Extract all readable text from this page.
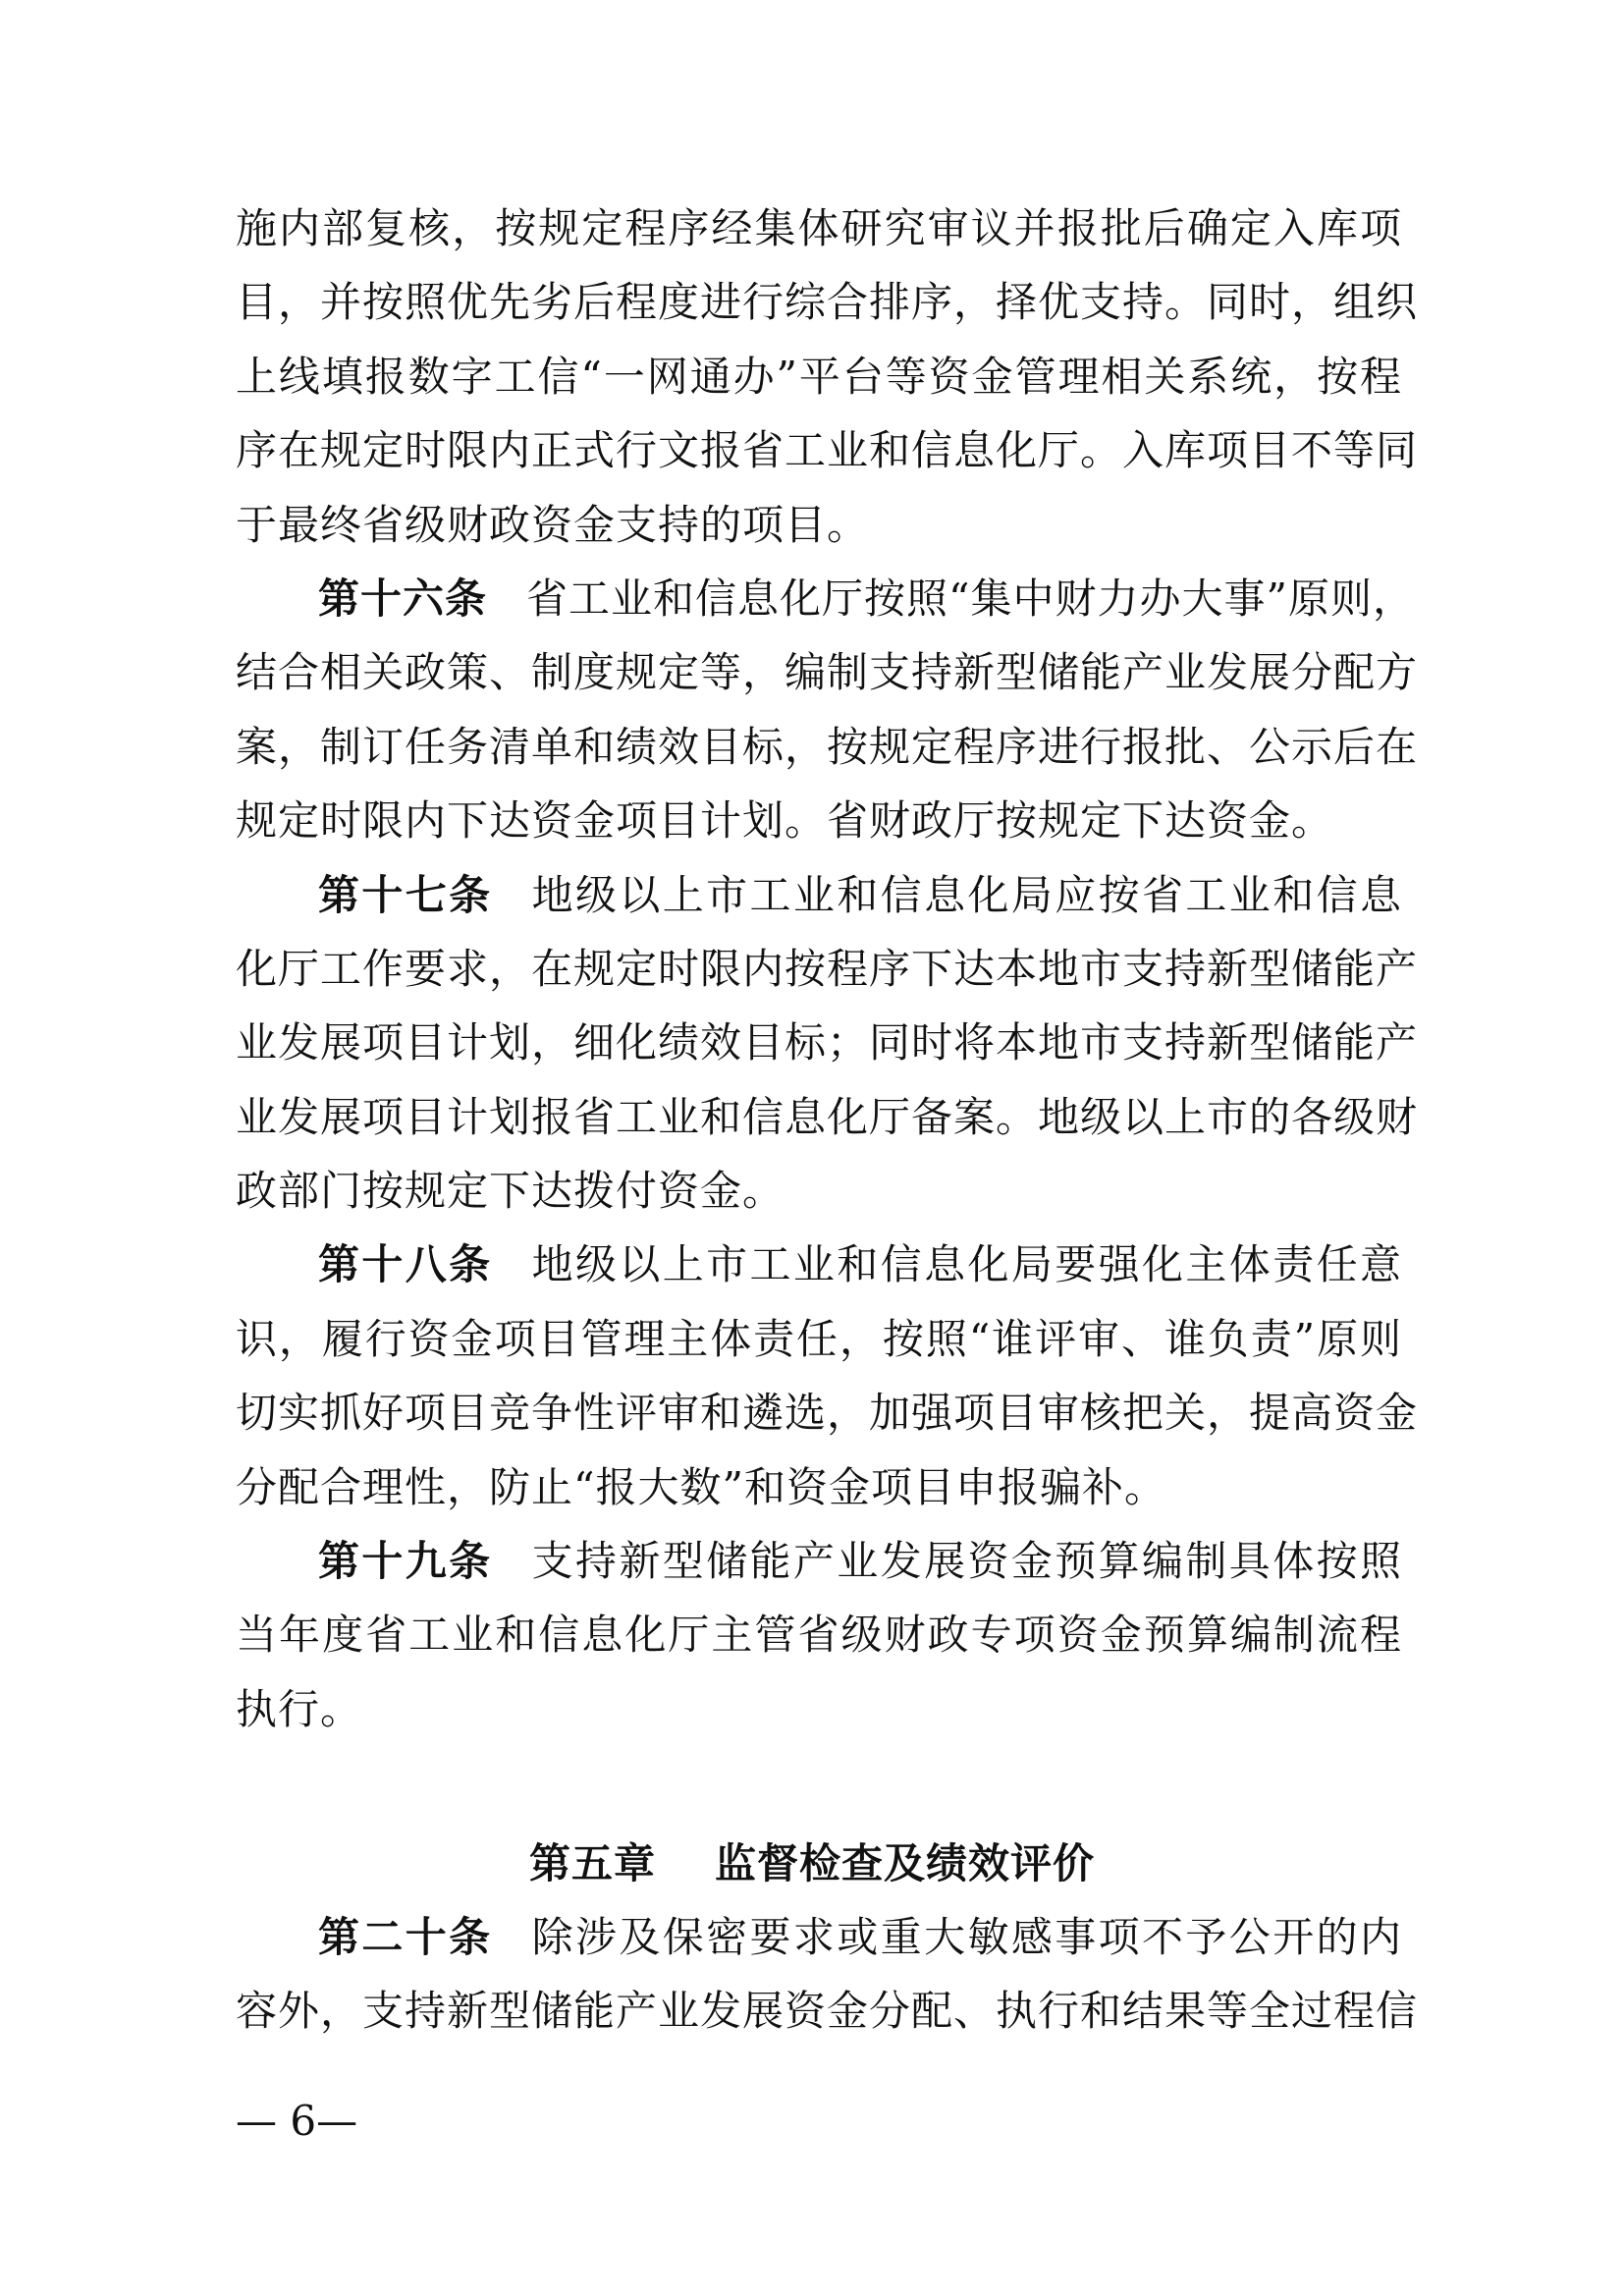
施内部复核，按规定程序经集体研究审议并报批后确定入库项
目，并按照优先劣后程度进行综合排序，择优支持。同时，组织
上线填报数字工信“一网通办”平台等资金管理相关系统，按程
序在规定时限内正式行文报省工业和信息化厅。入库项目不等同
于最终省级财政资金支持的项目。
第十六条 省工业和信息化厅按照“集中财力办大事”原则，
结合相关政策、制度规定等，编制支持新型储能产业发展分配方
案，制订任务清单和绩效目标，按规定程序进行报批、公示后在
规定时限内下达资金项目计划。省财政厅按规定下达资金。
第十七条 地级以上市工业和信息化局应按省工业和信息
化厅工作要求，在规定时限内按程序下达本地市支持新型储能产
业发展项目计划，细化绩效目标；同时将本地市支持新型储能产
业发展项目计划报省工业和信息化厅备案。地级以上市的各级财
政部门按规定下达拨付资金。
第十八条 地级以上市工业和信息化局要强化主体责任意
识，履行资金项目管理主体责任，按照“谁评审、谁负责”原则
切实抓好项目竞争性评审和遴选，加强项目审核把关，提高资金
分配合理性，防止“报大数”和资金项目申报骗补。
第十九条 支持新型储能产业发展资金预算编制具体按照
当年度省工业和信息化厅主管省级财政专项资金预算编制流程
执行。
第五章 监督检查及绩效评价
第二十条 除涉及保密要求或重大敏感事项不予公开的内
容外，支持新型储能产业发展资金分配、执行和结果等全过程信
— 6—
